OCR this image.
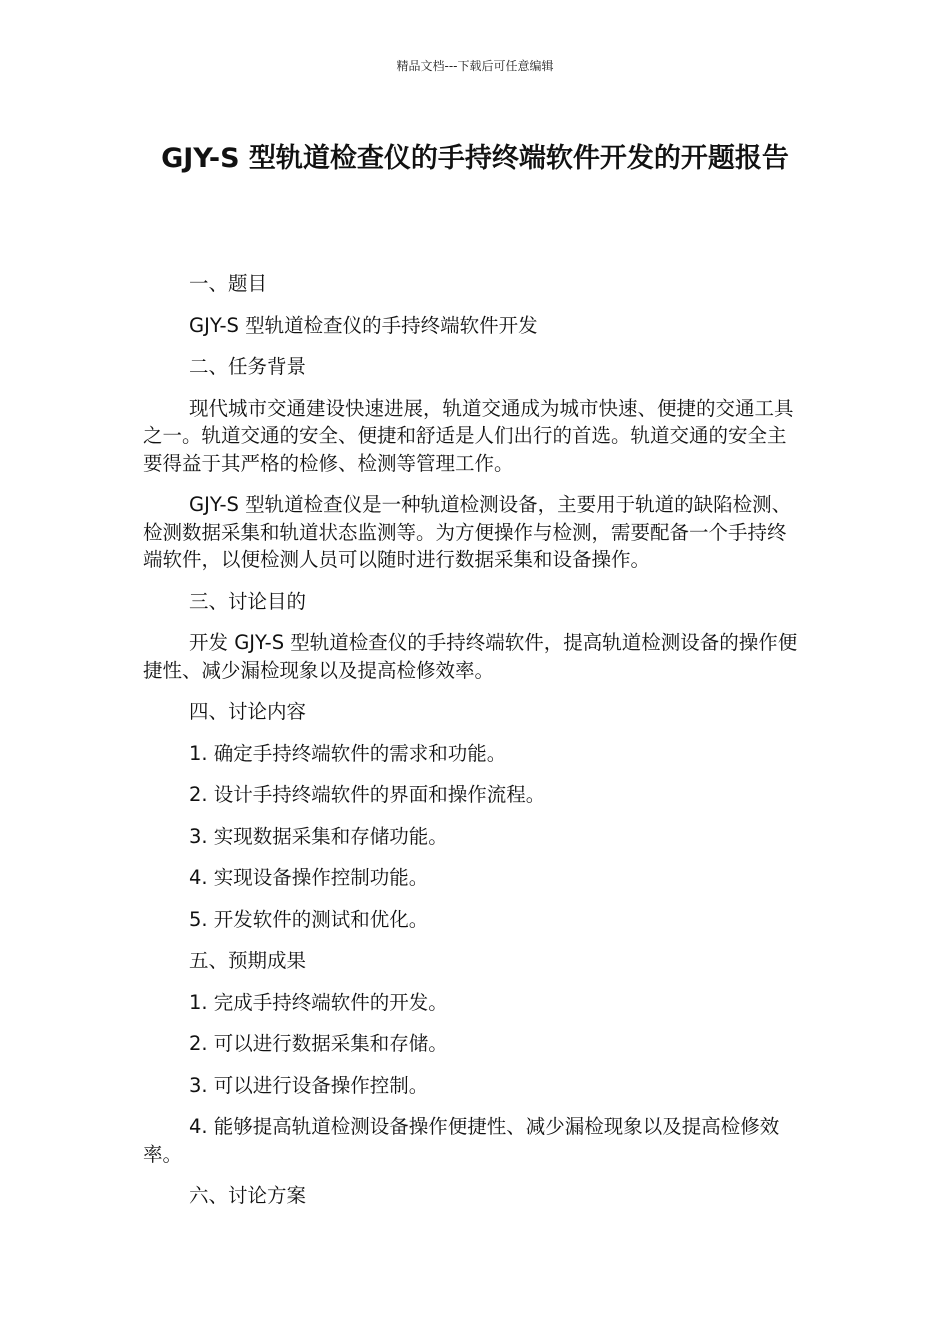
精品文档---下载后可任意编辑
GJY-S 型轨道检查仪的手持终端软件开发的开题报告

一、题目

GJY-S 型轨道检查仪的手持终端软件开发

二、任务背景

现代城市交通建设快速进展，轨道交通成为城市快速、便捷的交通工具之一。轨道交通的安全、便捷和舒适是人们出行的首选。轨道交通的安全主要得益于其严格的检修、检测等管理工作。

GJY-S 型轨道检查仪是一种轨道检测设备，主要用于轨道的缺陷检测、检测数据采集和轨道状态监测等。为方便操作与检测，需要配备一个手持终端软件，以便检测人员可以随时进行数据采集和设备操作。

三、讨论目的

开发 GJY-S 型轨道检查仪的手持终端软件，提高轨道检测设备的操作便捷性、减少漏检现象以及提高检修效率。

四、讨论内容

1. 确定手持终端软件的需求和功能。

2. 设计手持终端软件的界面和操作流程。

3. 实现数据采集和存储功能。

4. 实现设备操作控制功能。

5. 开发软件的测试和优化。

五、预期成果

1. 完成手持终端软件的开发。

2. 可以进行数据采集和存储。

3. 可以进行设备操作控制。

4. 能够提高轨道检测设备操作便捷性、减少漏检现象以及提高检修效率。

六、讨论方案
